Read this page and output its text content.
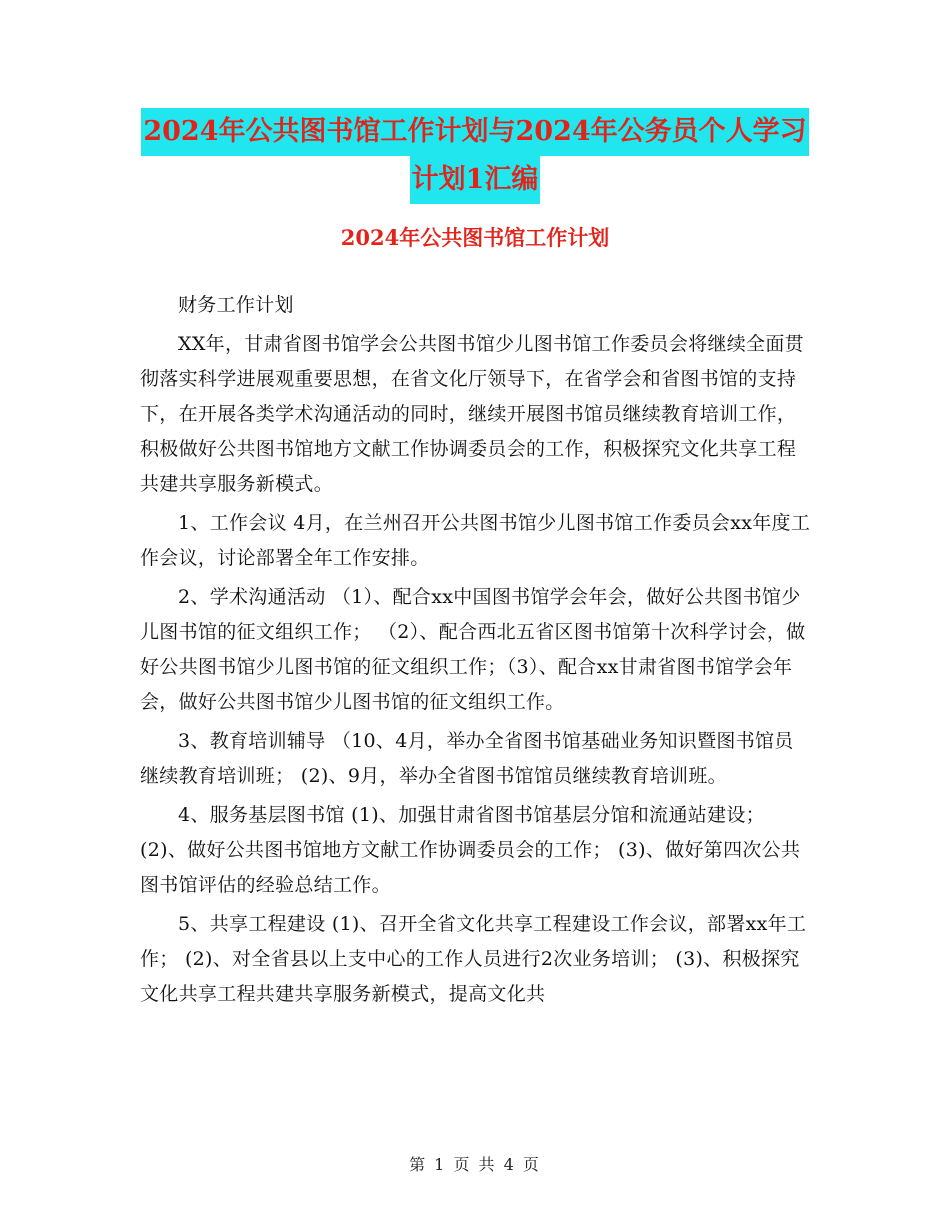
2024年公共图书馆工作计划与2024年公务员个人学习
计划1汇编
2024年公共图书馆工作计划

财务工作计划

XX年，甘肃省图书馆学会公共图书馆少儿图书馆工作委员会将继续全面贯彻落实科学进展观重要思想，在省文化厅领导下，在省学会和省图书馆的支持下，在开展各类学术沟通活动的同时，继续开展图书馆员继续教育培训工作，积极做好公共图书馆地方文献工作协调委员会的工作，积极探究文化共享工程共建共享服务新模式。

1、工作会议 4月，在兰州召开公共图书馆少儿图书馆工作委员会xx年度工作会议，讨论部署全年工作安排。

2、学术沟通活动 （1）、配合xx中国图书馆学会年会，做好公共图书馆少儿图书馆的征文组织工作； （2）、配合西北五省区图书馆第十次科学讨会，做好公共图书馆少儿图书馆的征文组织工作；（3）、配合xx甘肃省图书馆学会年会，做好公共图书馆少儿图书馆的征文组织工作。

3、教育培训辅导 （10、4月，举办全省图书馆基础业务知识暨图书馆员继续教育培训班； (2)、9月，举办全省图书馆馆员继续教育培训班。

4、服务基层图书馆 (1)、加强甘肃省图书馆基层分馆和流通站建设； (2)、做好公共图书馆地方文献工作协调委员会的工作； (3)、做好第四次公共图书馆评估的经验总结工作。

5、共享工程建设 (1)、召开全省文化共享工程建设工作会议，部署xx年工作； (2)、对全省县以上支中心的工作人员进行2次业务培训； (3)、积极探究文化共享工程共建共享服务新模式，提高文化共

第 1 页 共 4 页
